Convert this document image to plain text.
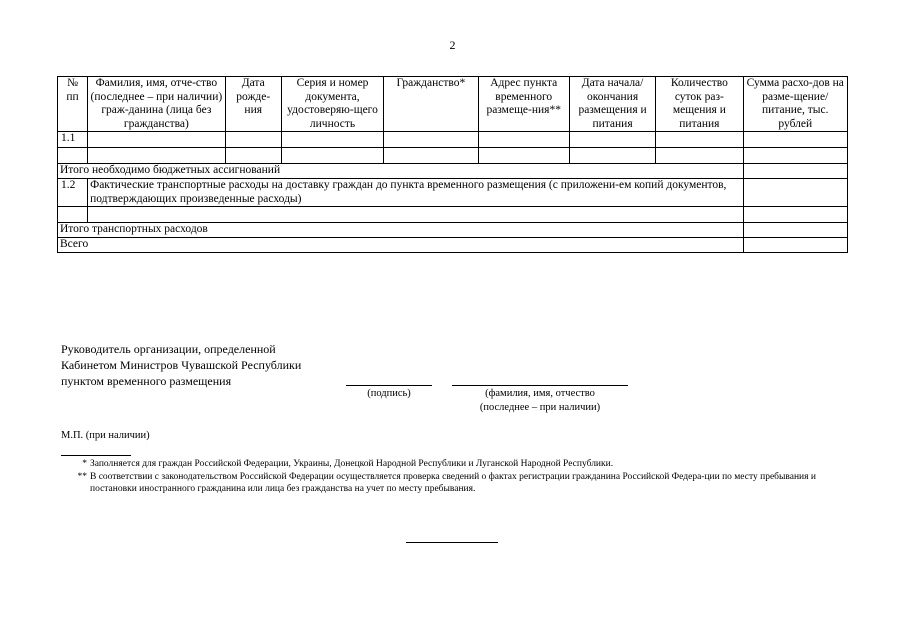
2
№ пп	Фамилия, имя, отче-ство (последнее – при наличии) граж-данина (лица без гражданства)	Дата рожде-ния	Серия и номер документа, удостоверяю-щего личность	Гражданство*	Адрес пункта временного размеще-ния**	Дата начала/ окончания размещения и питания	Количество суток раз-мещения и питания	Сумма расхо-дов на разме-щение/ питание, тыс. рублей
1.1								

Итого необходимо бюджетных ассигнований								
1.2	Фактические транспортные расходы на доставку граждан до пункта временного размещения (с приложени-ем копий документов, подтверждающих произведенные расходы)							

Итого транспортных расходов								
Всего								
Руководитель организации, определенной
Кабинетом Министров Чувашской Республики
пунктом временного размещения
(подпись)	(фамилия, имя, отчество
(последнее – при наличии)
М.П. (при наличии)
* Заполняется для граждан Российской Федерации, Украины, Донецкой Народной Республики и Луганской Народной Республики.
** В соответствии с законодательством Российской Федерации осуществляется проверка сведений о фактах регистрации гражданина Российской Федера-ции по месту пребывания и постановки иностранного гражданина или лица без гражданства на учет по месту пребывания.
